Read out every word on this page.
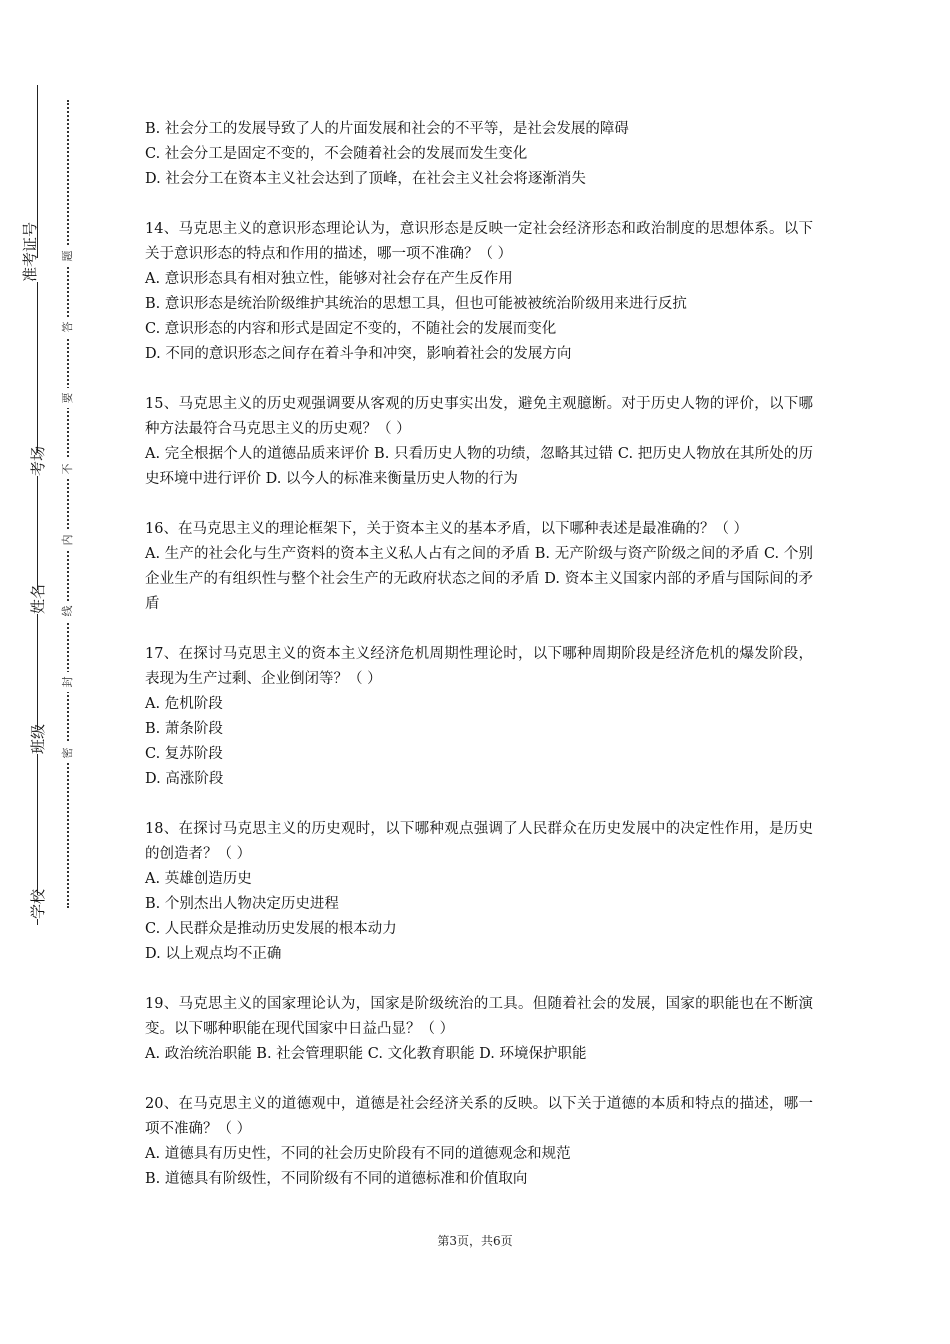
准考证号
考场
姓名
班级
学校
题
答
要
不
内
线
封
密

B. 社会分工的发展导致了人的片面发展和社会的不平等，是社会发展的障碍

C. 社会分工是固定不变的，不会随着社会的发展而发生变化

D. 社会分工在资本主义社会达到了顶峰，在社会主义社会将逐渐消失

14、马克思主义的意识形态理论认为，意识形态是反映一定社会经济形态和政治制度的思想体系。以下关于意识形态的特点和作用的描述，哪一项不准确？（ ）

A. 意识形态具有相对独立性，能够对社会存在产生反作用

B. 意识形态是统治阶级维护其统治的思想工具，但也可能被被统治阶级用来进行反抗

C. 意识形态的内容和形式是固定不变的，不随社会的发展而变化

D. 不同的意识形态之间存在着斗争和冲突，影响着社会的发展方向

15、马克思主义的历史观强调要从客观的历史事实出发，避免主观臆断。对于历史人物的评价，以下哪种方法最符合马克思主义的历史观？（ ）

A. 完全根据个人的道德品质来评价 B. 只看历史人物的功绩，忽略其过错 C. 把历史人物放在其所处的历史环境中进行评价 D. 以今人的标准来衡量历史人物的行为

16、在马克思主义的理论框架下，关于资本主义的基本矛盾，以下哪种表述是最准确的？（ ）

A. 生产的社会化与生产资料的资本主义私人占有之间的矛盾 B. 无产阶级与资产阶级之间的矛盾 C. 个别企业生产的有组织性与整个社会生产的无政府状态之间的矛盾 D. 资本主义国家内部的矛盾与国际间的矛盾

17、在探讨马克思主义的资本主义经济危机周期性理论时，以下哪种周期阶段是经济危机的爆发阶段，表现为生产过剩、企业倒闭等？（ ）

A. 危机阶段

B. 萧条阶段

C. 复苏阶段

D. 高涨阶段

18、在探讨马克思主义的历史观时，以下哪种观点强调了人民群众在历史发展中的决定性作用，是历史的创造者？（ ）

A. 英雄创造历史

B. 个别杰出人物决定历史进程

C. 人民群众是推动历史发展的根本动力

D. 以上观点均不正确

19、马克思主义的国家理论认为，国家是阶级统治的工具。但随着社会的发展，国家的职能也在不断演变。以下哪种职能在现代国家中日益凸显？（ ）

A. 政治统治职能 B. 社会管理职能 C. 文化教育职能 D. 环境保护职能

20、在马克思主义的道德观中，道德是社会经济关系的反映。以下关于道德的本质和特点的描述，哪一项不准确？（ ）

A. 道德具有历史性，不同的社会历史阶段有不同的道德观念和规范

B. 道德具有阶级性，不同阶级有不同的道德标准和价值取向

第3页，共6页
